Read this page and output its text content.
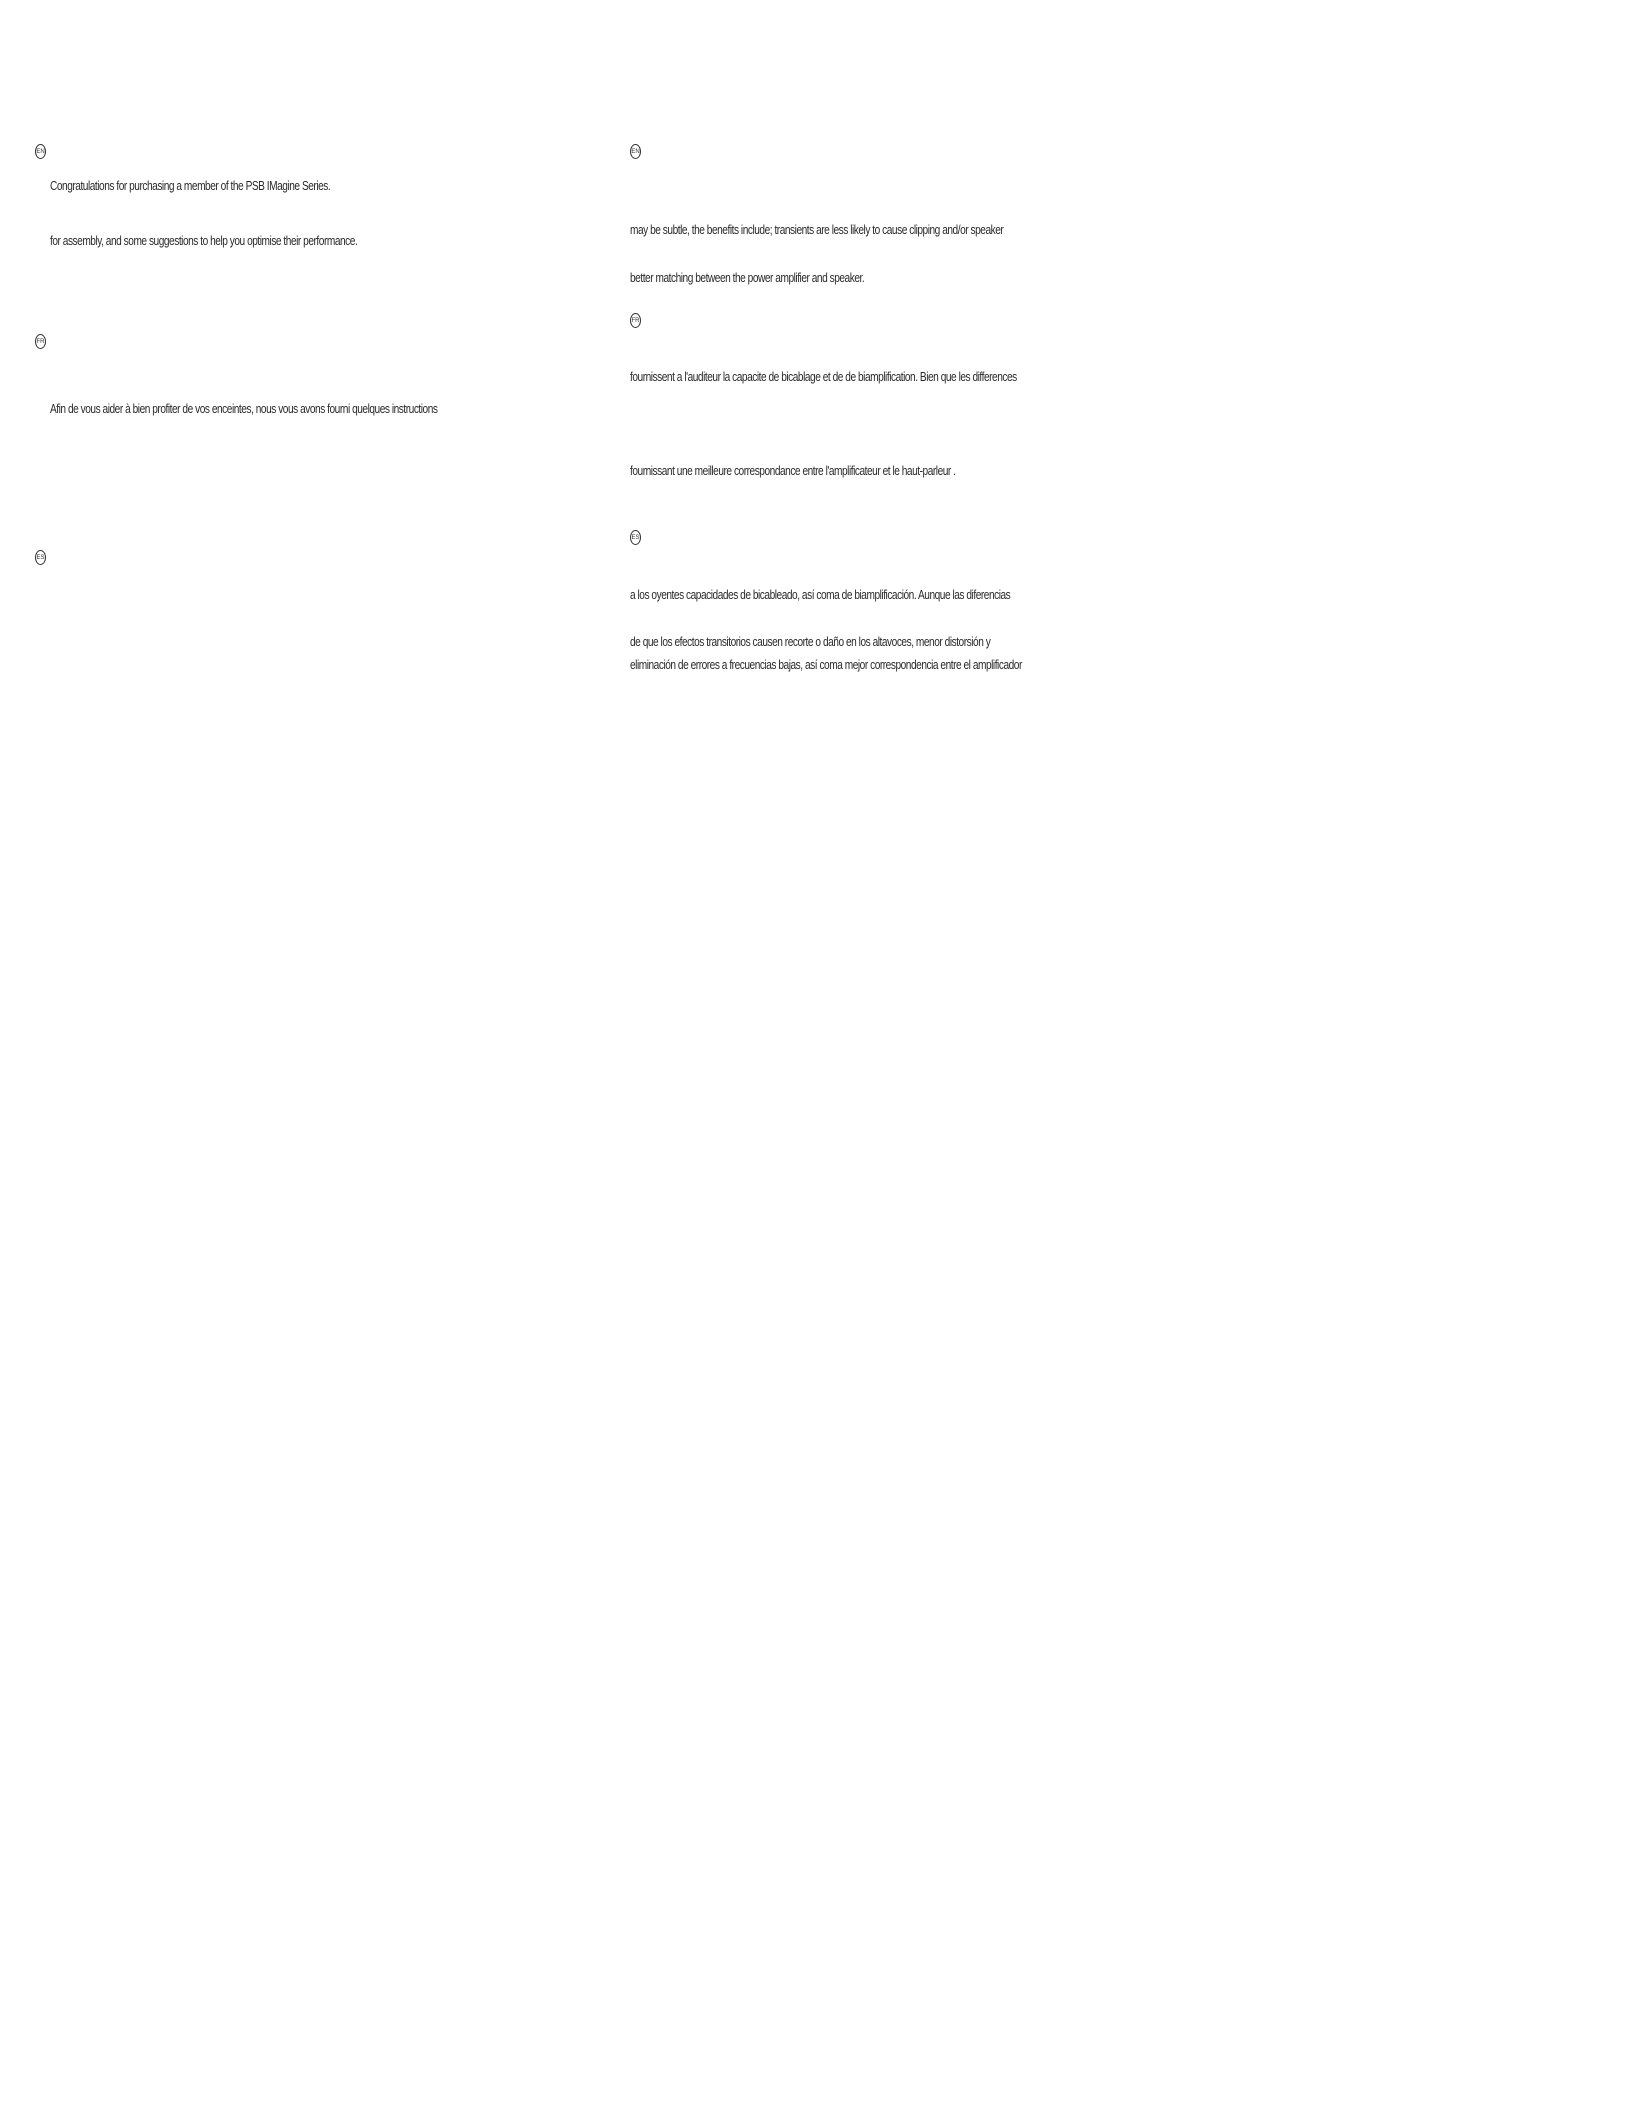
EN
Congratulations for purchasing a member of the PSB IMagine Series.
for assembly, and some suggestions to help you optimise their performance.
FR
Afin de vous aider à bien profiter de vos enceintes, nous vous avons fourni quelques instructions
ES
EN
may be subtle, the benefits include; transients are less likely to cause clipping and/or speaker
better matching between the power amplifier and speaker.
FR
fournissent a l'auditeur la capacite de bicablage et de de biamplification. Bien que les differences
fournissant une meilleure correspondance entre l'amplificateur et le haut-parleur .
ES
a los oyentes capacidades de bicableado, así coma de biamplificación. Aunque las diferencias
de que los efectos transitorios causen recorte o daño en los altavoces, menor distorsión y
eliminación de errores a frecuencias bajas, así coma mejor correspondencia entre el amplificador
